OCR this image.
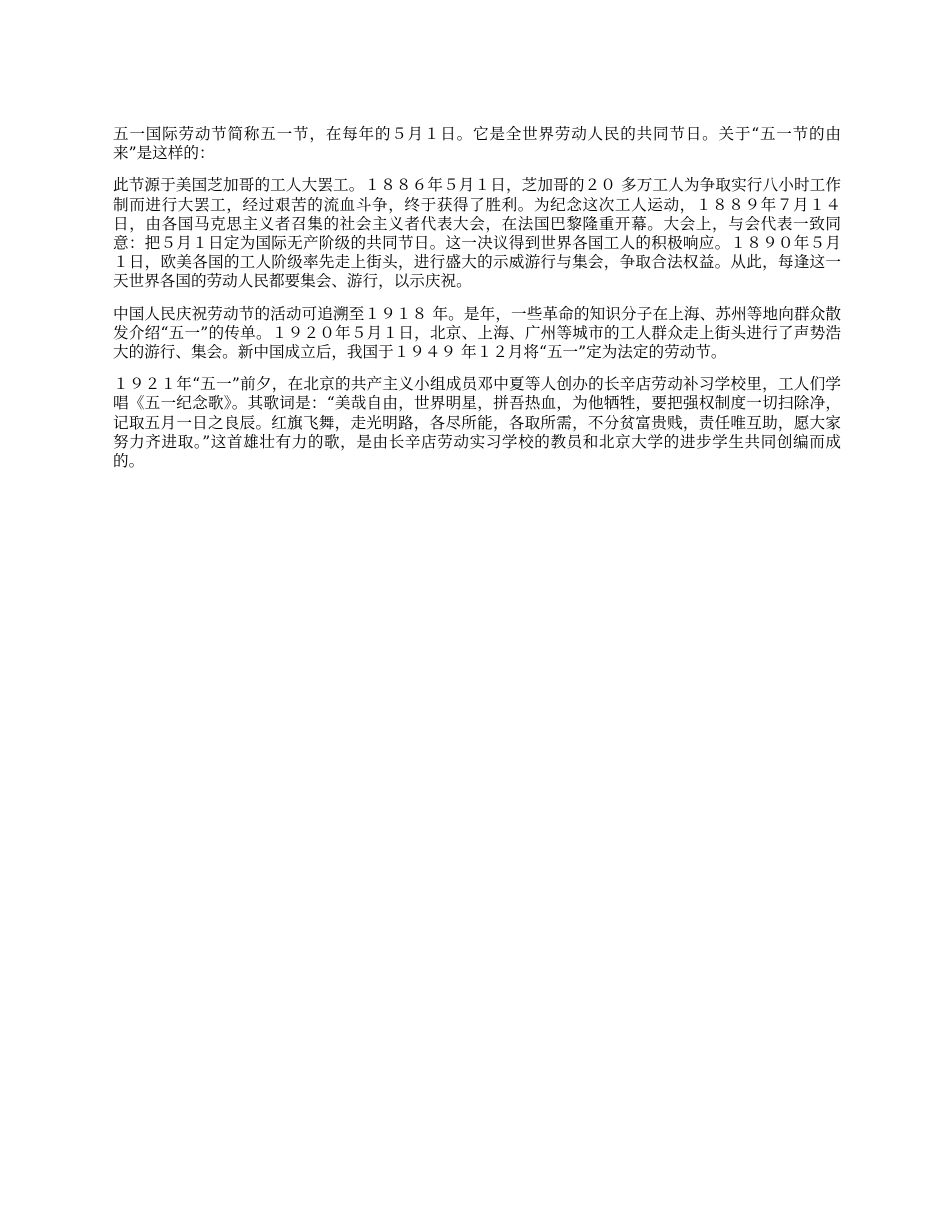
五一国际劳动节简称五一节，在每年的５月１日。它是全世界劳动人民的共同节日。关于“五一节的由来”是这样的：

此节源于美国芝加哥的工人大罢工。１８８６年５月１日，芝加哥的２０ 多万工人为争取实行八小时工作制而进行大罢工，经过艰苦的流血斗争，终于获得了胜利。为纪念这次工人运动，１８８９年７月１４日，由各国马克思主义者召集的社会主义者代表大会，在法国巴黎隆重开幕。大会上，与会代表一致同意：把５月１日定为国际无产阶级的共同节日。这一决议得到世界各国工人的积极响应。１８９０年５月１日，欧美各国的工人阶级率先走上街头，进行盛大的示威游行与集会，争取合法权益。从此，每逢这一天世界各国的劳动人民都要集会、游行，以示庆祝。

中国人民庆祝劳动节的活动可追溯至１９１８ 年。是年，一些革命的知识分子在上海、苏州等地向群众散发介绍“五一”的传单。１９２０年５月１日，北京、上海、广州等城市的工人群众走上街头进行了声势浩大的游行、集会。新中国成立后，我国于１９４９ 年１２月将“五一”定为法定的劳动节。

１９２１年“五一”前夕，在北京的共产主义小组成员邓中夏等人创办的长辛店劳动补习学校里，工人们学唱《五一纪念歌》。其歌词是：“美哉自由，世界明星，拼吾热血，为他牺牲，要把强权制度一切扫除净，记取五月一日之良辰。红旗飞舞，走光明路，各尽所能，各取所需，不分贫富贵贱，责任唯互助，愿大家努力齐进取。”这首雄壮有力的歌，是由长辛店劳动实习学校的教员和北京大学的进步学生共同创编而成的。
